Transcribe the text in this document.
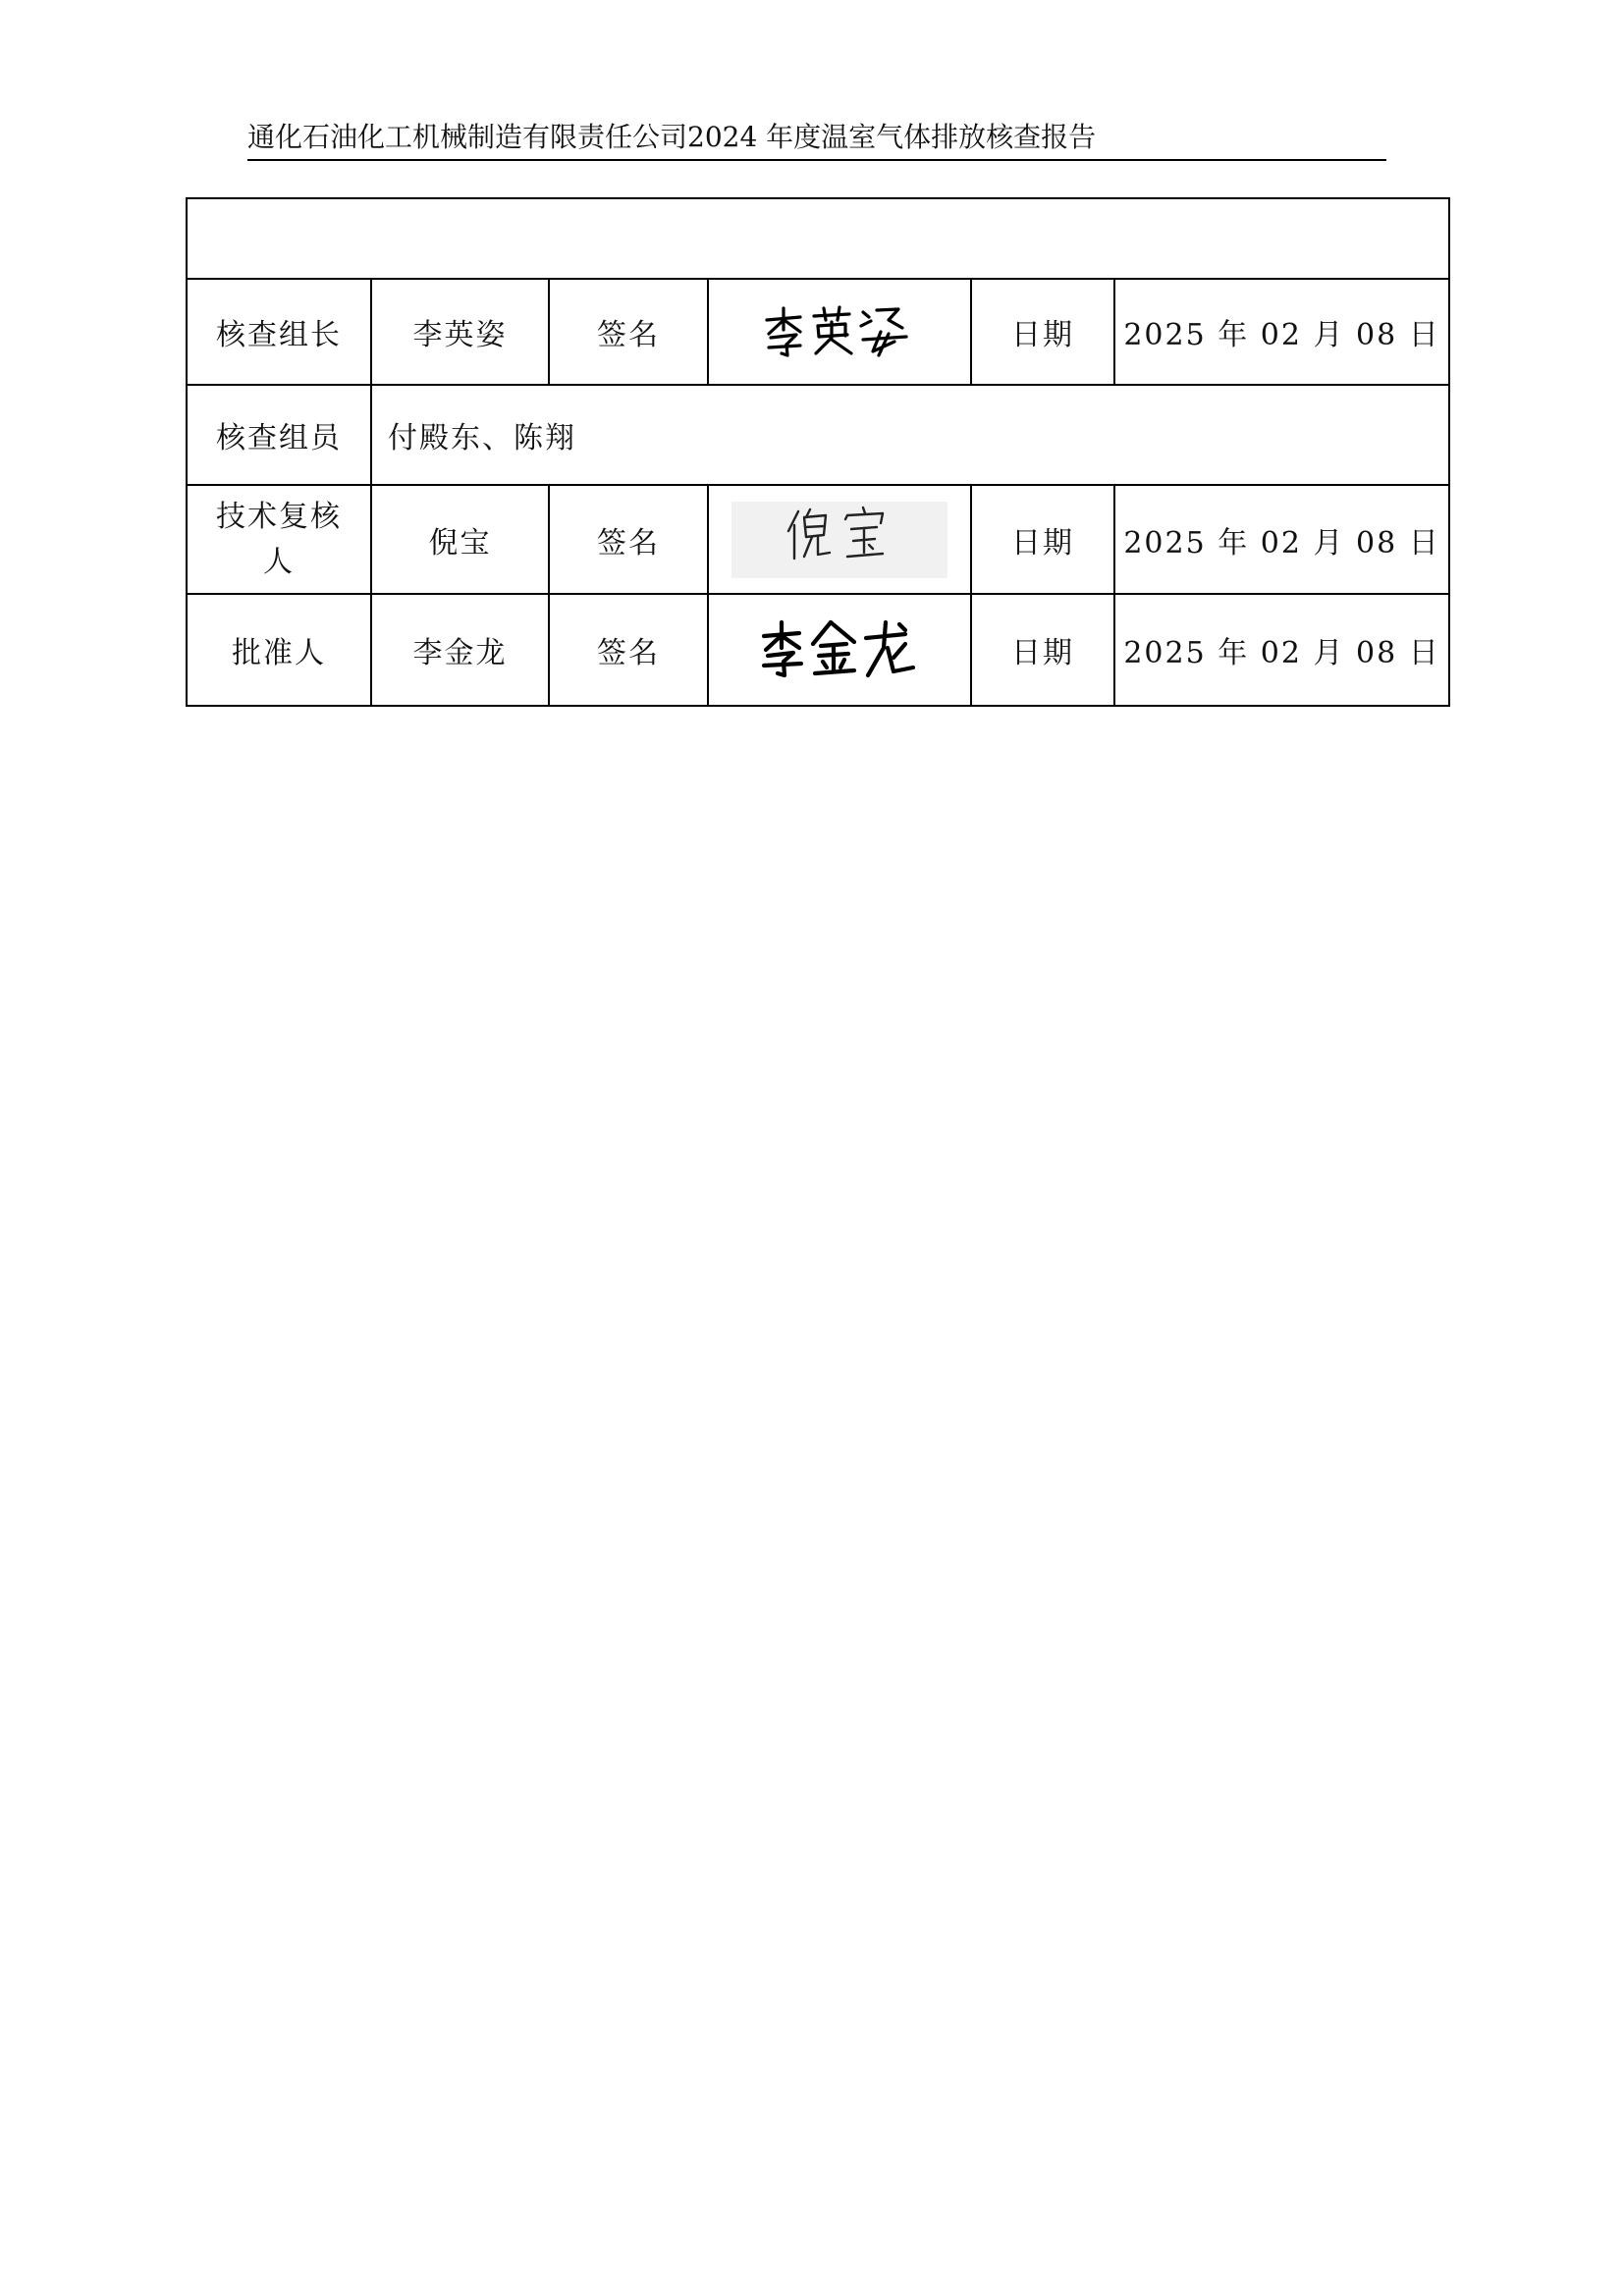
通化石油化工机械制造有限责任公司2024 年度温室气体排放核查报告

核查组长	李英姿	签名		日期	2025 年 02 月 08 日
核查组员	付殿东、陈翔				
技术复核人	倪宝	签名		日期	2025 年 02 月 08 日
批准人	李金龙	签名		日期	2025 年 02 月 08 日
